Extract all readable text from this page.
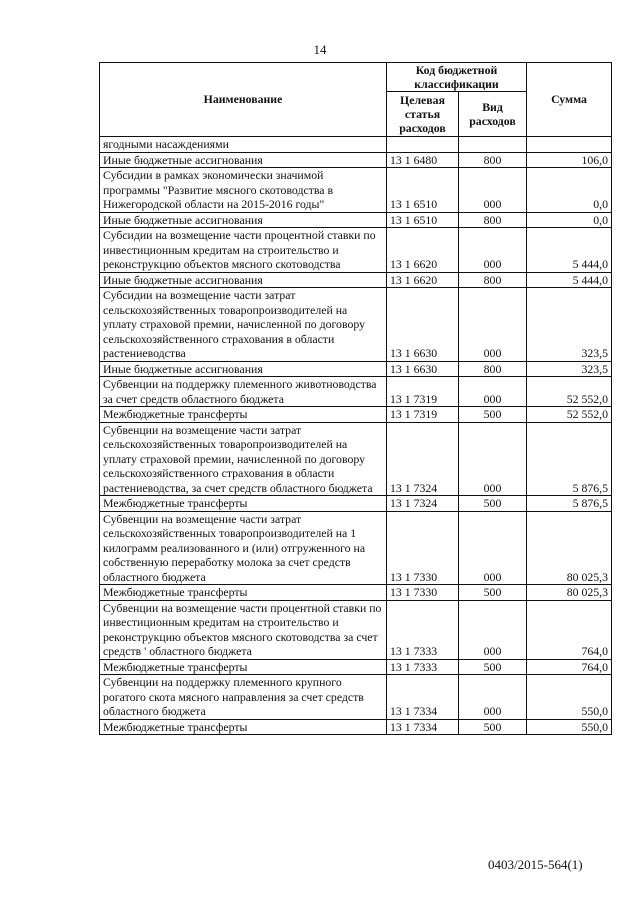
14
Наименование	Код бюджетной классификации		Сумма
	Целевая статья расходов	Вид расходов	
ягодными насаждениями			
Иные бюджетные ассигнования	13 1 6480	800	106,0
Субсидии в рамках экономически значимой программы "Развитие мясного скотоводства в Нижегородской области на 2015-2016 годы"	13 1 6510	000	0,0
Иные бюджетные ассигнования	13 1 6510	800	0,0
Субсидии на возмещение части процентной ставки по инвестиционным кредитам на строительство и реконструкцию объектов мясного скотоводства	13 1 6620	000	5 444,0
Иные бюджетные ассигнования	13 1 6620	800	5 444,0
Субсидии на возмещение части затрат сельскохозяйственных товаропроизводителей на уплату страховой премии, начисленной по договору сельскохозяйственного страхования в области растениеводства	13 1 6630	000	323,5
Иные бюджетные ассигнования	13 1 6630	800	323,5
Субвенции на поддержку племенного животноводства за счет средств областного бюджета	13 1 7319	000	52 552,0
Межбюджетные трансферты	13 1 7319	500	52 552,0
Субвенции на возмещение части затрат сельскохозяйственных товаропроизводителей на уплату страховой премии, начисленной по договору сельскохозяйственного страхования в области растениеводства, за счет средств областного бюджета	13 1 7324	000	5 876,5
Межбюджетные трансферты	13 1 7324	500	5 876,5
Субвенции на возмещение части затрат сельскохозяйственных товаропроизводителей на 1 килограмм реализованного и (или) отгруженного на собственную переработку молока за счет средств областного бюджета	13 1 7330	000	80 025,3
Межбюджетные трансферты	13 1 7330	500	80 025,3
Субвенции на возмещение части процентной ставки по инвестиционным кредитам на строительство и реконструкцию объектов мясного скотоводства за счет средств ' областного бюджета	13 1 7333	000	764,0
Межбюджетные трансферты	13 1 7333	500	764,0
Субвенции на поддержку племенного крупного рогатого скота мясного направления за счет средств областного бюджета	13 1 7334	000	550,0
Межбюджетные трансферты	13 1 7334	500	550,0
0403/2015-564(1)
